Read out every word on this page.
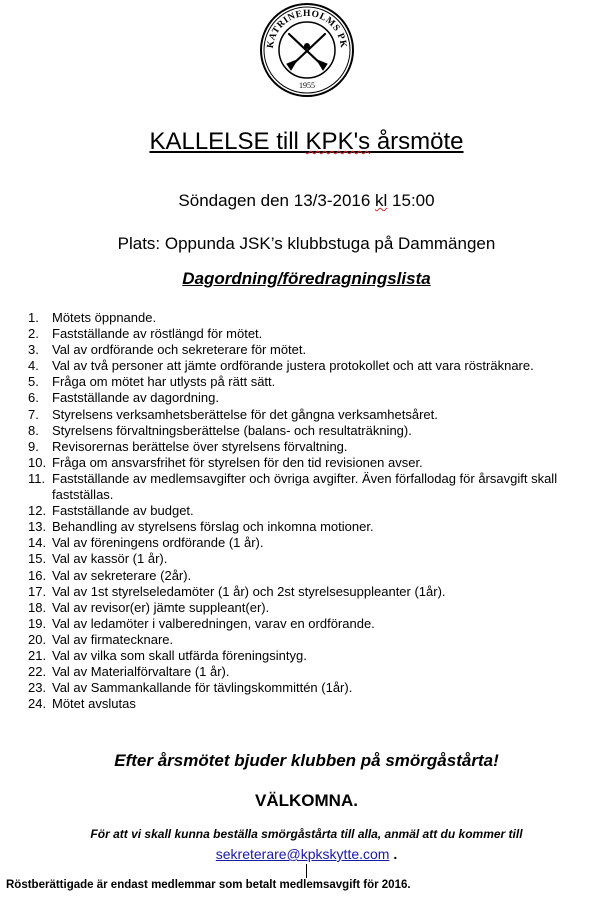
KATRINEHOLMS PK
1955
KALLELSE till KPK's årsmöte
Söndagen den 13/3-2016 kl 15:00
Plats: Oppunda JSK’s klubbstuga på Dammängen
Dagordning/föredragningslista
1.	Mötets öppnande.
2.	Fastställande av röstlängd för mötet.
3.	Val av ordförande och sekreterare för mötet.
4.	Val av två personer att jämte ordförande justera protokollet och att vara rösträknare.
5.	Fråga om mötet har utlysts på rätt sätt.
6.	Fastställande av dagordning.
7.	Styrelsens verksamhetsberättelse för det gångna verksamhetsåret.
8.	Styrelsens förvaltningsberättelse (balans- och resultaträkning).
9.	Revisorernas berättelse över styrelsens förvaltning.
10. Fråga om ansvarsfrihet för styrelsen för den tid revisionen avser.
11. Fastställande av medlemsavgifter och övriga avgifter. Även förfallodag för årsavgift skall fastställas.
12. Fastställande av budget.
13. Behandling av styrelsens förslag och inkomna motioner.
14. Val av föreningens ordförande (1 år).
15. Val av kassör (1 år).
16. Val av sekreterare (2år).
17. Val av 1st styrelseledamöter (1 år) och 2st styrelsesuppleanter (1år).
18. Val av revisor(er) jämte suppleant(er).
19. Val av ledamöter i valberedningen, varav en ordförande.
20. Val av firmatecknare.
21. Val av vilka som skall utfärda föreningsintyg.
22. Val av Materialförvaltare (1 år).
23. Val av Sammankallande för tävlingskommittén (1år).
24. Mötet avslutas
Efter årsmötet bjuder klubben på smörgåstårta!
VÄLKOMNA.
För att vi skall kunna beställa smörgåstårta till alla, anmäl att du kommer till
sekreterare@kpkskytte.com .
Röstberättigade är endast medlemmar som betalt medlemsavgift för 2016.
